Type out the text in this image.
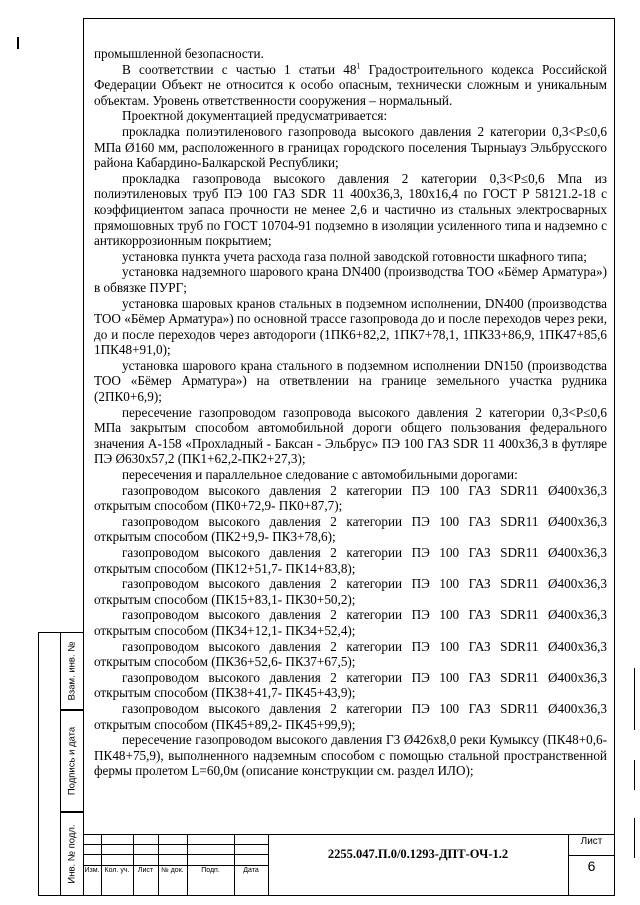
промышленной безопасности.

В соответствии с частью 1 статьи $48^1$ Градостроительного кодекса Российской Федерации Объект не относится к особо опасным, технически сложным и уникальным объектам. Уровень ответственности сооружения – нормальный.

Проектной документацией предусматривается:

прокладка полиэтиленового газопровода высокого давления 2 категории 0,3<P≤0,6 МПа Ø160 мм, расположенного в границах городского поселения Тырныауз Эльбрусского района Кабардино-Балкарской Республики;

прокладка газопровода высокого давления 2 категории 0,3<P≤0,6 Мпа из полиэтиленовых труб ПЭ 100 ГАЗ SDR 11 400х36,3, 180х16,4 по ГОСТ Р 58121.2-18 с коэффициентом запаса прочности не менее 2,6 и частично из стальных электросварных прямошовных труб по ГОСТ 10704-91 подземно в изоляции усиленного типа и надземно с антикоррозионным покрытием;

установка пункта учета расхода газа полной заводской готовности шкафного типа;

установка надземного шарового крана DN400 (производства ТОО «Бёмер Арматура») в обвязке ПУРГ;

установка шаровых кранов стальных в подземном исполнении, DN400 (производства ТОО «Бёмер Арматура») по основной трассе газопровода до и после переходов через реки, до и после переходов через автодороги (1ПК6+82,2, 1ПК7+78,1, 1ПК33+86,9, 1ПК47+85,6 1ПК48+91,0);

установка шарового крана стального в подземном исполнении DN150 (производства ТОО «Бёмер Арматура») на ответвлении на границе земельного участка рудника (2ПК0+6,9);

пересечение газопроводом газопровода высокого давления 2 категории 0,3<P≤0,6 МПа закрытым способом автомобильной дороги общего пользования федерального значения А-158 «Прохладный - Баксан - Эльбрус» ПЭ 100 ГАЗ SDR 11 400х36,3 в футляре ПЭ Ø630х57,2 (ПК1+62,2-ПК2+27,3);

пересечения и параллельное следование с автомобильными дорогами:

газопроводом высокого давления 2 категории ПЭ 100 ГАЗ SDR11 Ø400х36,3 открытым способом (ПК0+72,9- ПК0+87,7);

газопроводом высокого давления 2 категории ПЭ 100 ГАЗ SDR11 Ø400х36,3 открытым способом (ПК2+9,9- ПК3+78,6);

газопроводом высокого давления 2 категории ПЭ 100 ГАЗ SDR11 Ø400х36,3 открытым способом (ПК12+51,7- ПК14+83,8);

газопроводом высокого давления 2 категории ПЭ 100 ГАЗ SDR11 Ø400х36,3 открытым способом (ПК15+83,1- ПК30+50,2);

газопроводом высокого давления 2 категории ПЭ 100 ГАЗ SDR11 Ø400х36,3 открытым способом (ПК34+12,1- ПК34+52,4);

газопроводом высокого давления 2 категории ПЭ 100 ГАЗ SDR11 Ø400х36,3 открытым способом (ПК36+52,6- ПК37+67,5);

газопроводом высокого давления 2 категории ПЭ 100 ГАЗ SDR11 Ø400х36,3 открытым способом (ПК38+41,7- ПК45+43,9);

газопроводом высокого давления 2 категории ПЭ 100 ГАЗ SDR11 Ø400х36,3 открытым способом (ПК45+89,2- ПК45+99,9);

пересечение газопроводом высокого давления Г3 Ø426х8,0 реки Кумыксу (ПК48+0,6-ПК48+75,9), выполненного надземным способом с помощью стальной пространственной фермы пролетом L=60,0м (описание конструкции см. раздел ИЛО);

Взам. инв. №
Подпись и дата
Инв. № подл. Изм. Кол. уч.	Лист	№ док.	Подп.	Дата
2255.047.П.0/0.1293-ДПТ-ОЧ-1.2
Лист
6
